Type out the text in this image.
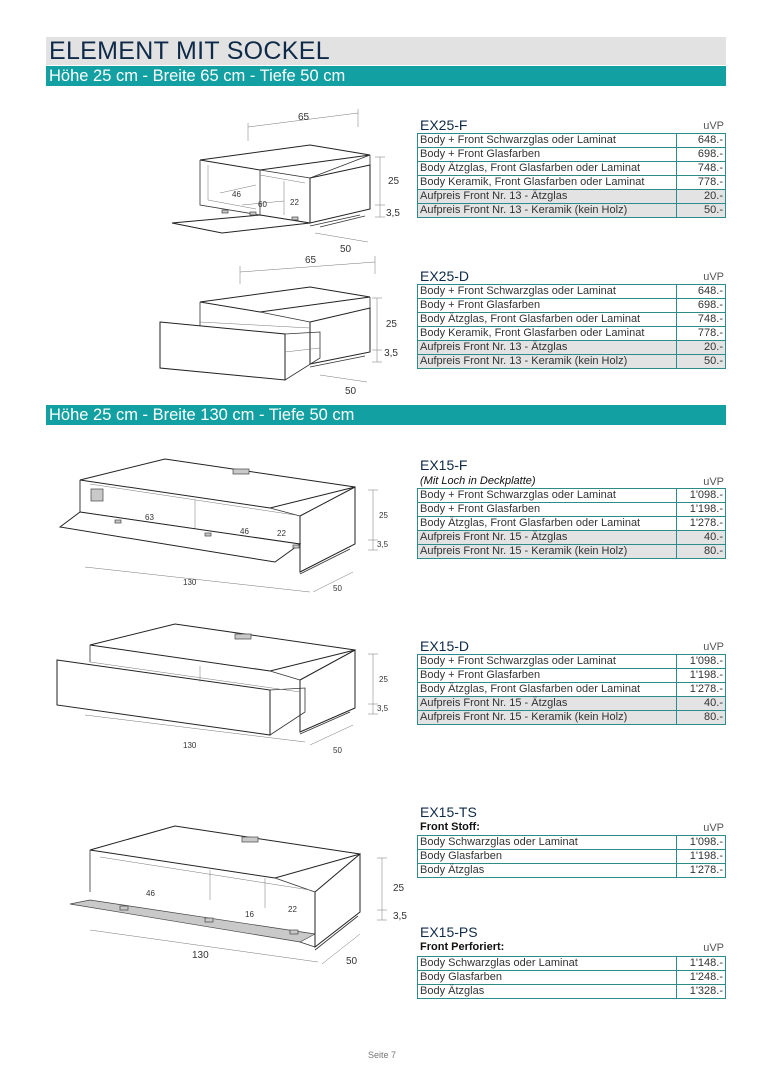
ELEMENT MIT SOCKEL
Höhe 25 cm - Breite 65 cm - Tiefe 50 cm
Höhe 25 cm - Breite 130 cm - Tiefe 50 cm
EX25-F	uVP
Body + Front Schwarzglas oder Laminat	648.-
Body + Front Glasfarben	698.-
Body Ätzglas, Front Glasfarben oder Laminat	748.-
Body Keramik, Front Glasfarben oder Laminat	778.-
Aufpreis Front Nr. 13 - Ätzglas	20.-
Aufpreis Front Nr. 13 - Keramik (kein Holz)	50.-
EX25-D	uVP
Body + Front Schwarzglas oder Laminat	648.-
Body + Front Glasfarben	698.-
Body Ätzglas, Front Glasfarben oder Laminat	748.-
Body Keramik, Front Glasfarben oder Laminat	778.-
Aufpreis Front Nr. 13 - Ätzglas	20.-
Aufpreis Front Nr. 13 - Keramik (kein Holz)	50.-
EX15-F
(Mit Loch in Deckplatte)	uVP
Body + Front Schwarzglas oder Laminat	1'098.-
Body + Front Glasfarben	1'198.-
Body Ätzglas, Front Glasfarben oder Laminat	1'278.-
Aufpreis Front Nr. 15 - Ätzglas	40.-
Aufpreis Front Nr. 15 - Keramik (kein Holz)	80.-
EX15-D	uVP
Body + Front Schwarzglas oder Laminat	1'098.-
Body + Front Glasfarben	1'198.-
Body Ätzglas, Front Glasfarben oder Laminat	1'278.-
Aufpreis Front Nr. 15 - Ätzglas	40.-
Aufpreis Front Nr. 15 - Keramik (kein Holz)	80.-
EX15-TS
Front Stoff:	uVP
Body Schwarzglas oder Laminat	1'098.-
Body Glasfarben	1'198.-
Body Ätzglas	1'278.-
EX15-PS
Front Perforiert:	uVP
Body Schwarzglas oder Laminat	1'148.-
Body Glasfarben	1'248.-
Body Ätzglas	1'328.-
65
25
3,5
50
46
60	22
65
25
3,5
50
25
3,5
130
50
63
46	22
25
3,5
130
50
25
3,5
130
50
46
16
22
Seite 7
